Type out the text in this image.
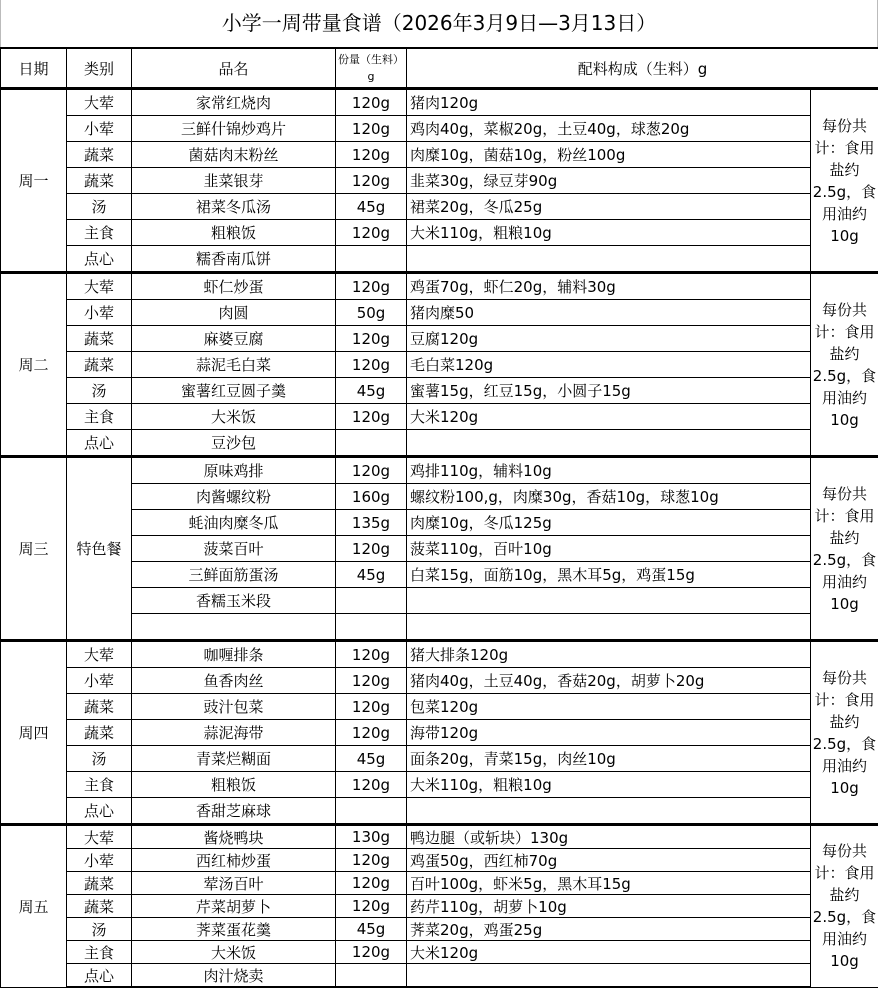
小学一周带量食谱（2026年3月9日—3月13日）
日期	类别	品名	份量（生料）g	配料构成（生料）g	
周一	大荤	家常红烧肉	120g	猪肉120g	每份共计：食用盐约2.5g，食用油约10g
	小荤	三鲜什锦炒鸡片	120g	鸡肉40g，菜椒20g，土豆40g，球葱20g	
	蔬菜	菌菇肉末粉丝	120g	肉糜10g，菌菇10g，粉丝100g	
	蔬菜	韭菜银芽	120g	韭菜30g，绿豆芽90g	
	汤	裙菜冬瓜汤	45g	裙菜20g，冬瓜25g	
	主食	粗粮饭	120g	大米110g，粗粮10g	
	点心	糯香南瓜饼			
周二	大荤	虾仁炒蛋	120g	鸡蛋70g，虾仁20g，辅料30g	每份共计：食用盐约2.5g，食用油约10g
	小荤	肉圆	50g	猪肉糜50	
	蔬菜	麻婆豆腐	120g	豆腐120g	
	蔬菜	蒜泥毛白菜	120g	毛白菜120g	
	汤	蜜薯红豆圆子羹	45g	蜜薯15g，红豆15g，小圆子15g	
	主食	大米饭	120g	大米120g	
	点心	豆沙包			
周三	特色餐	原味鸡排	120g	鸡排110g，辅料10g	每份共计：食用盐约2.5g，食用油约10g
		肉酱螺纹粉	160g	螺纹粉100,g，肉糜30g，香菇10g，球葱10g	
		蚝油肉糜冬瓜	135g	肉糜10g，冬瓜125g	
		菠菜百叶	120g	菠菜110g，百叶10g	
		三鲜面筋蛋汤	45g	白菜15g，面筋10g，黑木耳5g，鸡蛋15g	
		香糯玉米段			

周四	大荤	咖喱排条	120g	猪大排条120g	每份共计：食用盐约2.5g，食用油约10g
	小荤	鱼香肉丝	120g	猪肉40g，土豆40g，香菇20g，胡萝卜20g	
	蔬菜	豉汁包菜	120g	包菜120g	
	蔬菜	蒜泥海带	120g	海带120g	
	汤	青菜烂糊面	45g	面条20g，青菜15g，肉丝10g	
	主食	粗粮饭	120g	大米110g，粗粮10g	
	点心	香甜芝麻球			
周五	大荤	酱烧鸭块	130g	鸭边腿（或斩块）130g	每份共计：食用盐约2.5g，食用油约10g
	小荤	西红柿炒蛋	120g	鸡蛋50g，西红柿70g	
	蔬菜	荤汤百叶	120g	百叶100g，虾米5g，黑木耳15g	
	蔬菜	芹菜胡萝卜	120g	药芹110g，胡萝卜10g	
	汤	荠菜蛋花羹	45g	荠菜20g，鸡蛋25g	
	主食	大米饭	120g	大米120g	
	点心	肉汁烧卖			
